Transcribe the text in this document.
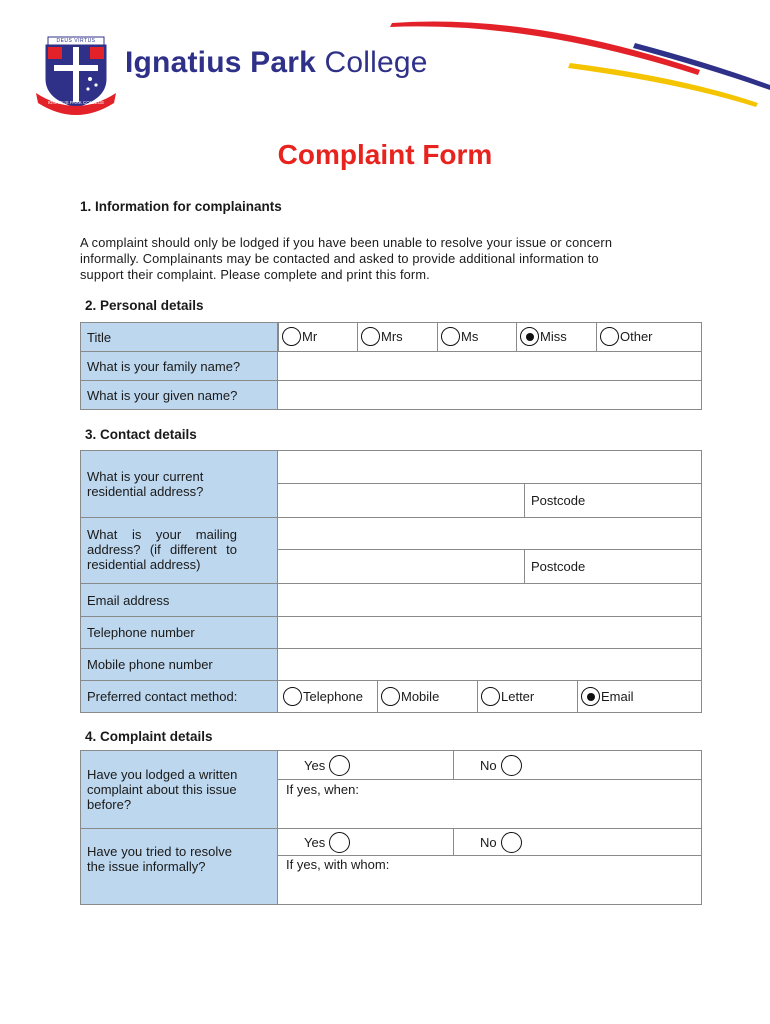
DEUS VIRTUS
IGNATIUS PARK COLLEGE
Ignatius Park College
Complaint Form
1. Information for complainants
A complaint should only be lodged if you have been unable to resolve your issue or concern
informally. Complainants may be contacted and asked to provide additional information to
support their complaint. Please complete and print this form.
2. Personal details
Title	Mr	Mrs	Ms	Miss	Other
What is your family name?
What is your given name?
3. Contact details
What is your current residential address?
Postcode
What is your mailing address? (if different to residential address)	Postcode
Email address
Telephone number
Mobile phone number
Preferred contact method:	Telephone	Mobile	Letter	Email
4. Complaint details
Have you lodged a written complaint about this issue before?
Yes	No
If yes, when:
Have you tried to resolve the issue informally?
Yes	No
If yes, with whom:
